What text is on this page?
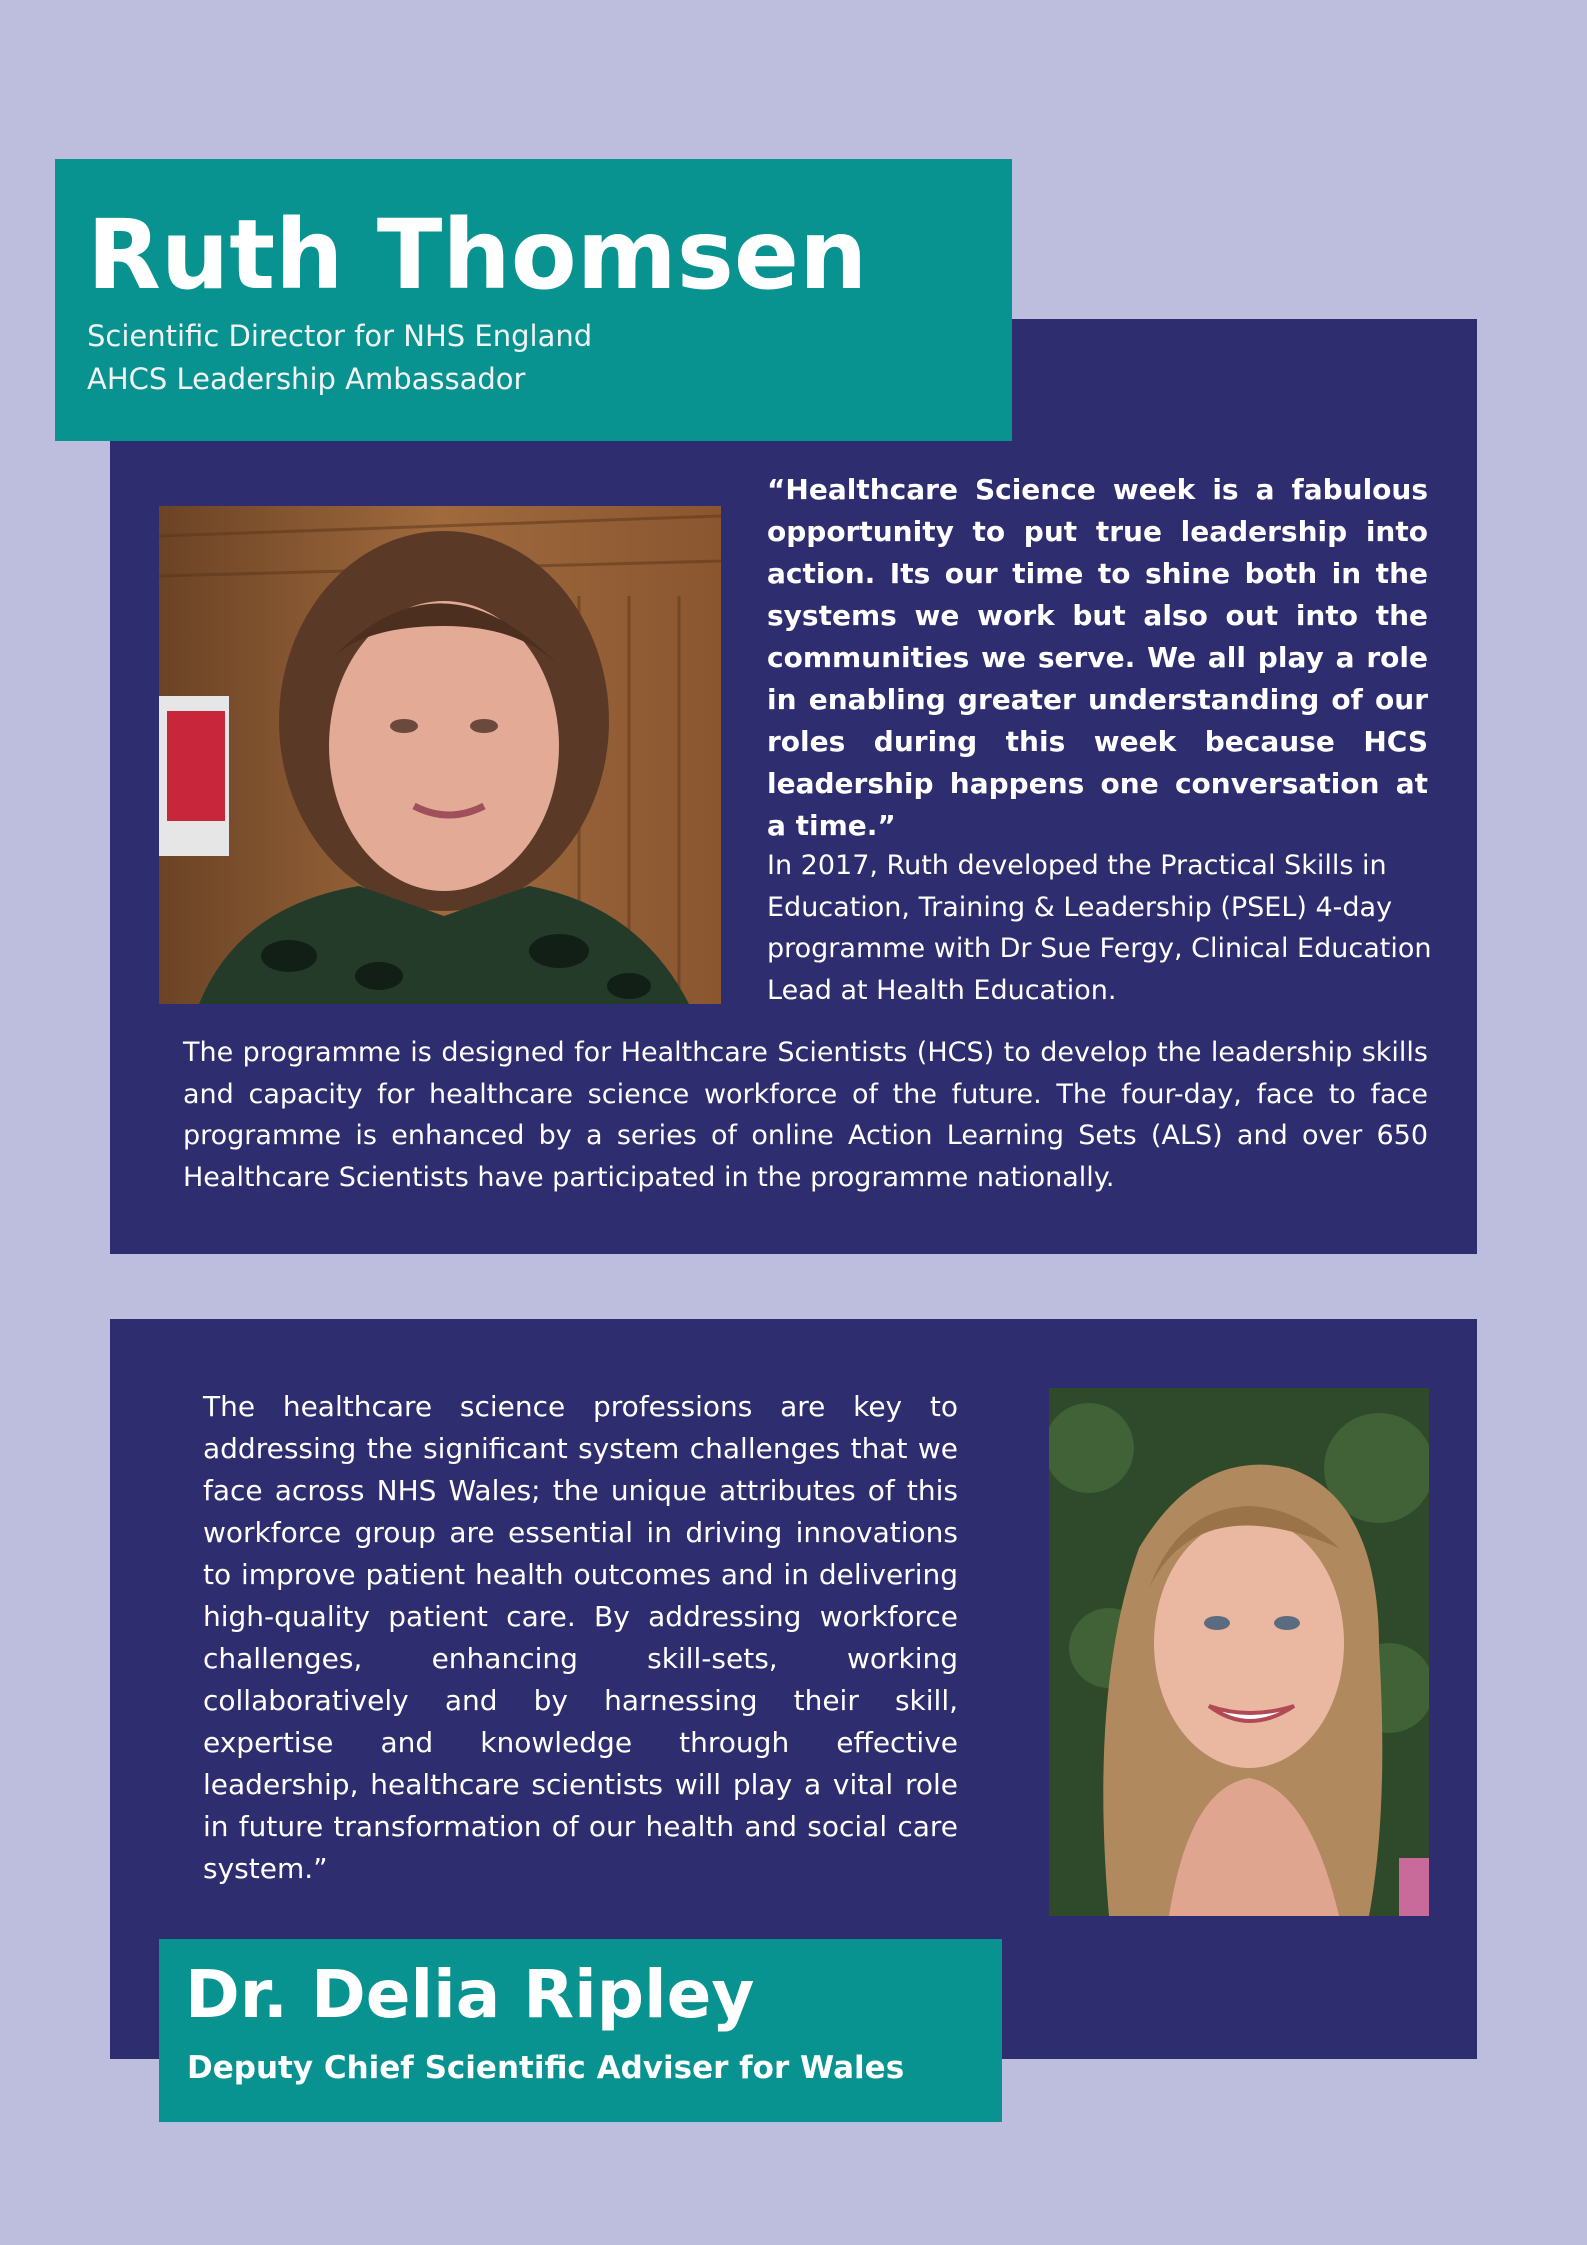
Ruth Thomsen

Scientific Director for NHS England

AHCS Leadership Ambassador

“Healthcare Science week is a fabulous opportunity to put true leadership into action. Its our time to shine both in the systems we work but also out into the communities we serve. We all play a role in enabling greater understanding of our roles during this week because HCS leadership happens one conversation at a time.”

In 2017, Ruth developed the Practical Skills in Education, Training & Leadership (PSEL) 4-day programme with Dr Sue Fergy, Clinical Education Lead at Health Education.

The programme is designed for Healthcare Scientists (HCS) to develop the leadership skills and capacity for healthcare science workforce of the future. The four-day, face to face programme is enhanced by a series of online Action Learning Sets (ALS) and over 650 Healthcare Scientists have participated in the programme nationally.

The healthcare science professions are key to addressing the significant system challenges that we face across NHS Wales; the unique attributes of this workforce group are essential in driving innovations to improve patient health outcomes and in delivering high-quality patient care. By addressing workforce challenges, enhancing skill-sets, working collaboratively and by harnessing their skill, expertise and knowledge through effective leadership, healthcare scientists will play a vital role in future transformation of our health and social care system.”

Dr. Delia Ripley

Deputy Chief Scientific Adviser for Wales
